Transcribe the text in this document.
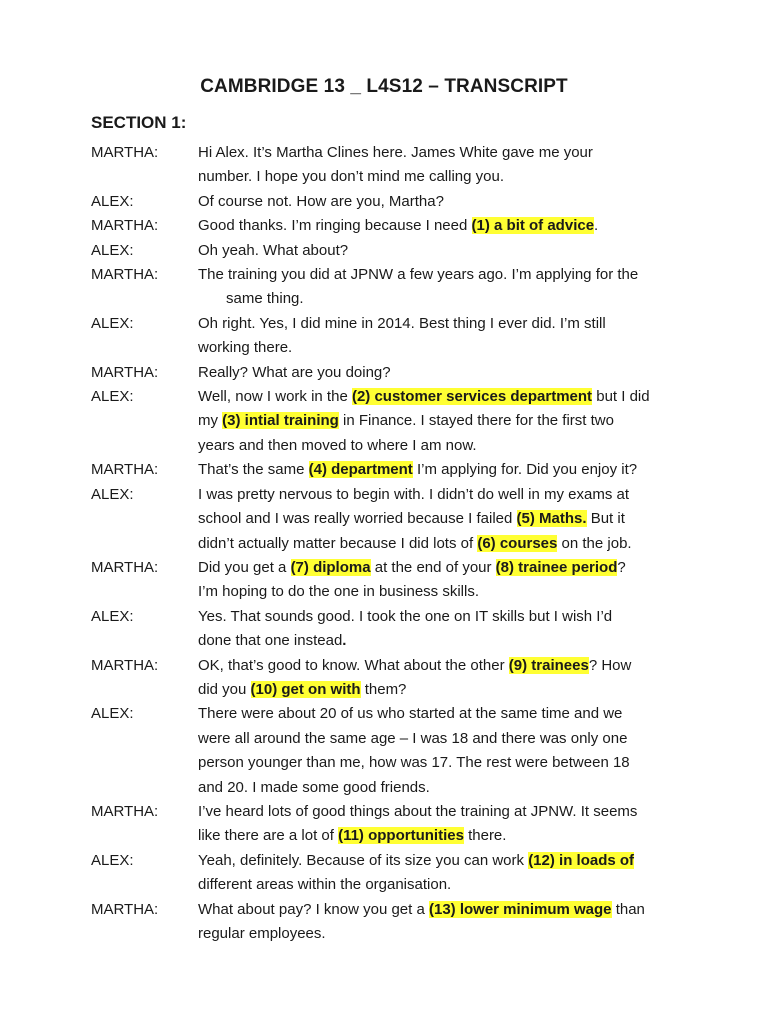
CAMBRIDGE 13 _ L4S12 – TRANSCRIPT
SECTION 1:
MARTHA:	Hi Alex. It’s Martha Clines here. James White gave me your
number. I hope you don’t mind me calling you.
ALEX:	Of course not. How are you, Martha?
MARTHA:	Good thanks. I’m ringing because I need (1) a bit of advice.
ALEX:	Oh yeah. What about?
MARTHA:	The training you did at JPNW a few years ago. I’m applying for the
same thing.
ALEX:	Oh right. Yes, I did mine in 2014. Best thing I ever did. I’m still
working there.
MARTHA:	Really? What are you doing?
ALEX:	Well, now I work in the (2) customer services department but I did
my (3) intial training in Finance. I stayed there for the first two
years and then moved to where I am now.
MARTHA:	That’s the same (4) department I’m applying for. Did you enjoy it?
ALEX:	I was pretty nervous to begin with. I didn’t do well in my exams at
school and I was really worried because I failed (5) Maths. But it
didn’t actually matter because I did lots of (6) courses on the job.
MARTHA:	Did you get a (7) diploma at the end of your (8) trainee period?
I’m hoping to do the one in business skills.
ALEX:	Yes. That sounds good. I took the one on IT skills but I wish I’d
done that one instead.
MARTHA:	OK, that’s good to know. What about the other (9) trainees? How
did you (10) get on with them?
ALEX:	There were about 20 of us who started at the same time and we
were all around the same age – I was 18 and there was only one
person younger than me, how was 17. The rest were between 18
and 20. I made some good friends.
MARTHA:	I’ve heard lots of good things about the training at JPNW. It seems
like there are a lot of (11) opportunities there.
ALEX:	Yeah, definitely. Because of its size you can work (12) in loads of
different areas within the organisation.
MARTHA:	What about pay? I know you get a (13) lower minimum wage than
regular employees.
